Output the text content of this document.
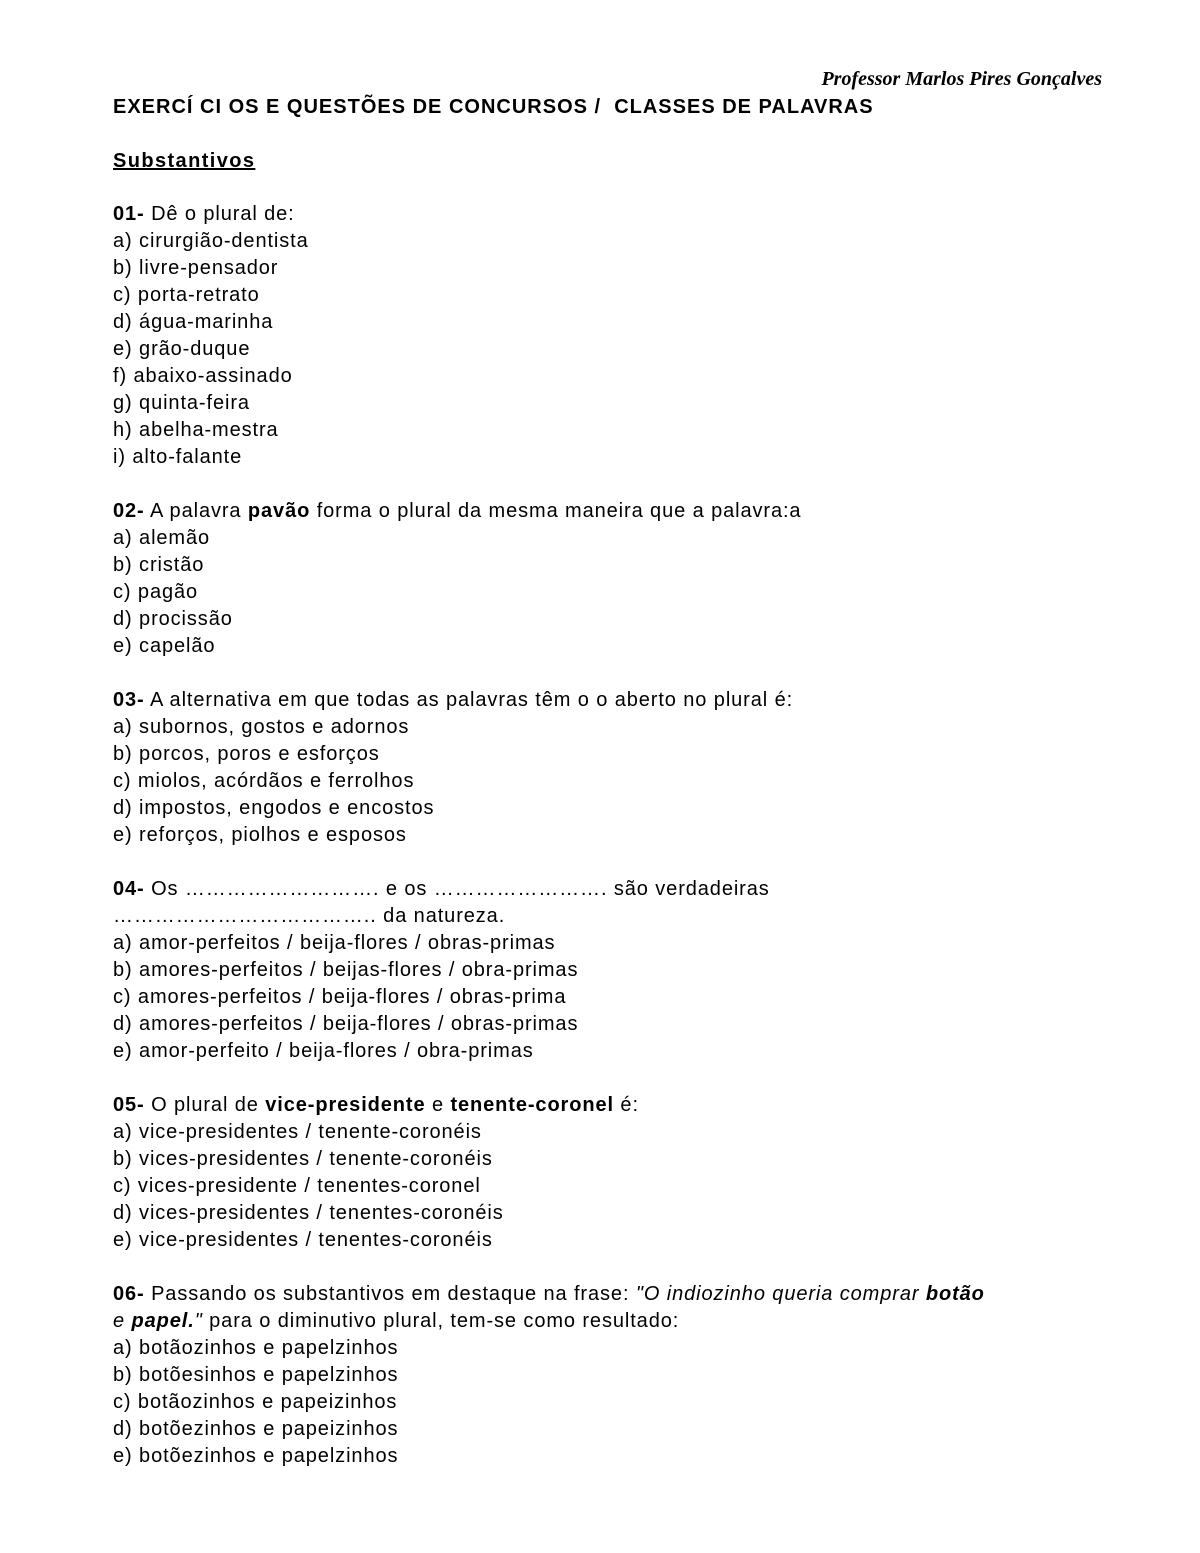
Professor Marlos Pires Gonçalves
EXERCÍ CI OS E QUESTÕES DE CONCURSOS /  CLASSES DE PALAVRAS
Substantivos
01- Dê o plural de:
a) cirurgião-dentista
b) livre-pensador
c) porta-retrato
d) água-marinha
e) grão-duque
f) abaixo-assinado
g) quinta-feira
h) abelha-mestra
i) alto-falante
02- A palavra pavão forma o plural da mesma maneira que a palavra:a
a) alemão
b) cristão
c) pagão
d) procissão
e) capelão
03- A alternativa em que todas as palavras têm o o aberto no plural é:
a) subornos, gostos e adornos
b) porcos, poros e esforços
c) miolos, acórdãos e ferrolhos
d) impostos, engodos e encostos
e) reforços, piolhos e esposos
04- Os ………………………. e os ……………………. são verdadeiras
……………………………….. da natureza.
a) amor-perfeitos / beija-flores / obras-primas
b) amores-perfeitos / beijas-flores / obra-primas
c) amores-perfeitos / beija-flores / obras-prima
d) amores-perfeitos / beija-flores / obras-primas
e) amor-perfeito / beija-flores / obra-primas
05- O plural de vice-presidente e tenente-coronel é:
a) vice-presidentes / tenente-coronéis
b) vices-presidentes / tenente-coronéis
c) vices-presidente / tenentes-coronel
d) vices-presidentes / tenentes-coronéis
e) vice-presidentes / tenentes-coronéis
06- Passando os substantivos em destaque na frase: "O indiozinho queria comprar botão
e papel." para o diminutivo plural, tem-se como resultado:
a) botãozinhos e papelzinhos
b) botõesinhos e papelzinhos
c) botãozinhos e papeizinhos
d) botõezinhos e papeizinhos
e) botõezinhos e papelzinhos
